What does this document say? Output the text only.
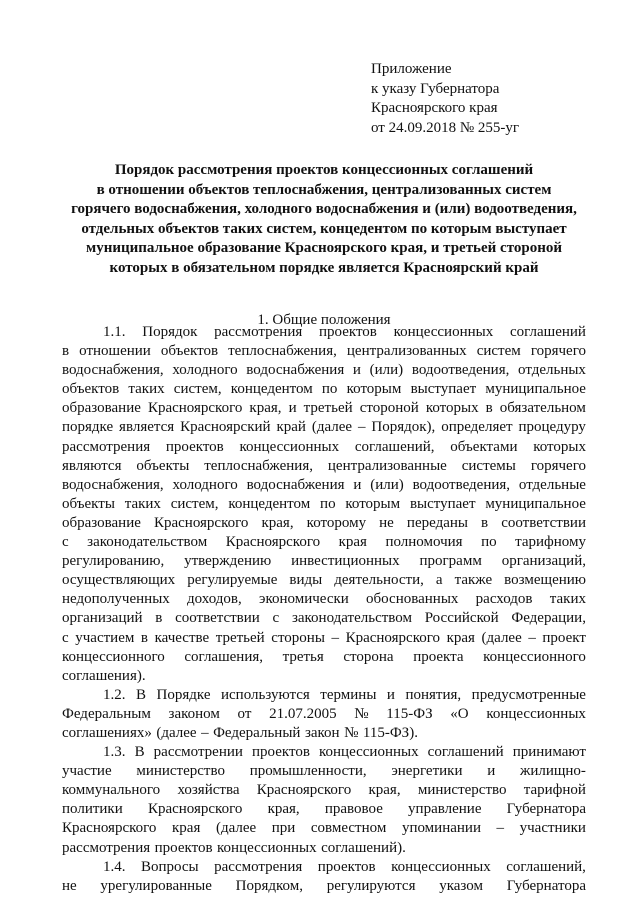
Приложение
к указу Губернатора
Красноярского края
от 24.09.2018 № 255-уг
Порядок рассмотрения проектов концессионных соглашений
в отношении объектов теплоснабжения, централизованных систем
горячего водоснабжения, холодного водоснабжения и (или) водоотведения,
отдельных объектов таких систем, концедентом по которым выступает
муниципальное образование Красноярского края, и третьей стороной
которых в обязательном порядке является Красноярский край
1. Общие положения
1.1. Порядок рассмотрения проектов концессионных соглашений
в отношении объектов теплоснабжения, централизованных систем горячего
водоснабжения, холодного водоснабжения и (или) водоотведения, отдельных
объектов таких систем, концедентом по которым выступает муниципальное
образование Красноярского края, и третьей стороной которых в обязательном
порядке является Красноярский край (далее – Порядок), определяет процедуру
рассмотрения проектов концессионных соглашений, объектами которых
являются объекты теплоснабжения, централизованные системы горячего
водоснабжения, холодного водоснабжения и (или) водоотведения, отдельные
объекты таких систем, концедентом по которым выступает муниципальное
образование Красноярского края, которому не переданы в соответствии
с законодательством Красноярского края полномочия по тарифному
регулированию, утверждению инвестиционных программ организаций,
осуществляющих регулируемые виды деятельности, а также возмещению
недополученных доходов, экономически обоснованных расходов таких
организаций в соответствии с законодательством Российской Федерации,
с участием в качестве третьей стороны – Красноярского края (далее – проект
концессионного соглашения, третья сторона проекта концессионного
соглашения).
1.2. В Порядке используются термины и понятия, предусмотренные
Федеральным законом от 21.07.2005 № 115-ФЗ «О концессионных
соглашениях» (далее – Федеральный закон № 115-ФЗ).
1.3. В рассмотрении проектов концессионных соглашений принимают
участие министерство промышленности, энергетики и жилищно-
коммунального хозяйства Красноярского края, министерство тарифной
политики Красноярского края, правовое управление Губернатора
Красноярского края (далее при совместном упоминании – участники
рассмотрения проектов концессионных соглашений).
1.4. Вопросы рассмотрения проектов концессионных соглашений,
не урегулированные Порядком, регулируются указом Губернатора
